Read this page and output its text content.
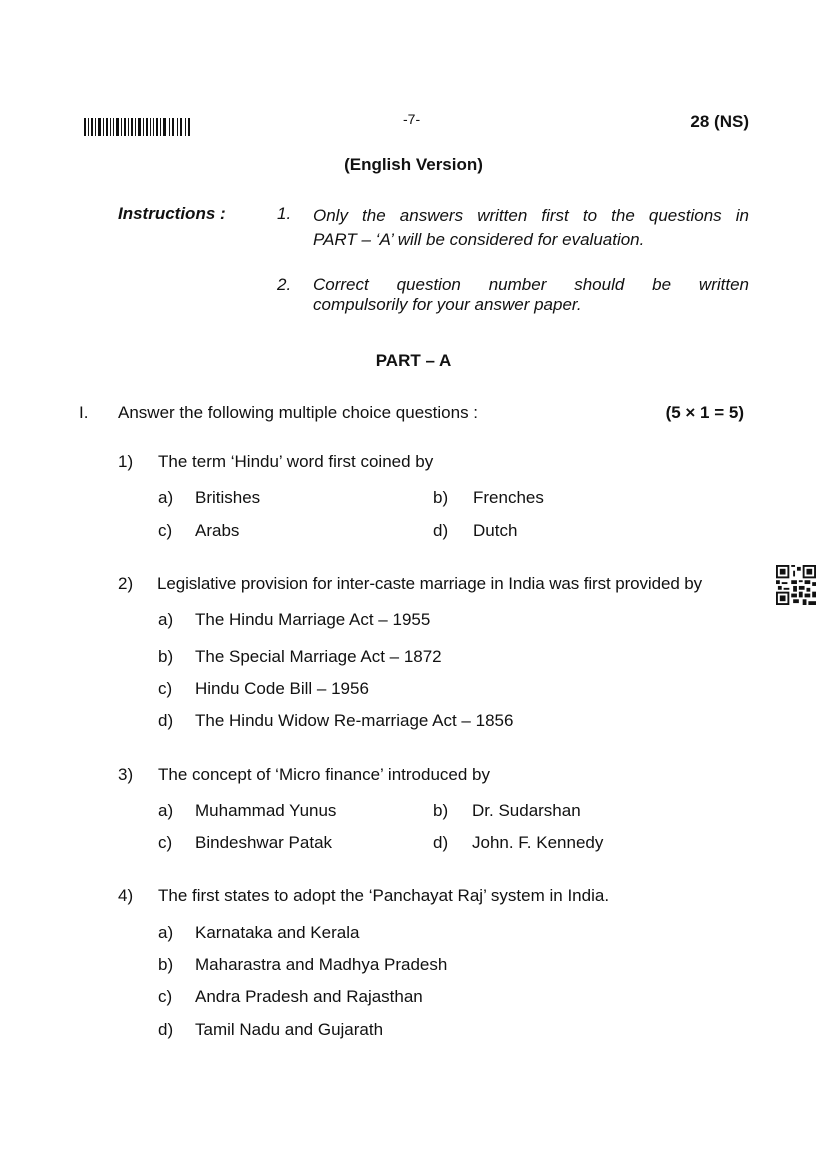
-7-	28 (NS)
(English Version)
Instructions :	1. Only the answers written first to the questions in
PART – ‘A’ will be considered for evaluation.
2. Correct question number should be written
compulsorily for your answer paper.
PART – A
I. Answer the following multiple choice questions :	(5 × 1 = 5)
1) The term ‘Hindu’ word first coined by
a) Britishes	b) Frenches
c) Arabs	d) Dutch
2) Legislative provision for inter-caste marriage in India was first provided by
a) The Hindu Marriage Act – 1955
b) The Special Marriage Act – 1872
c) Hindu Code Bill – 1956
d) The Hindu Widow Re-marriage Act – 1856
3) The concept of ‘Micro finance’ introduced by
a) Muhammad Yunus	b) Dr. Sudarshan
c) Bindeshwar Patak	d) John. F. Kennedy
4) The first states to adopt the ‘Panchayat Raj’ system in India.
a) Karnataka and Kerala
b) Maharastra and Madhya Pradesh
c) Andra Pradesh and Rajasthan
d) Tamil Nadu and Gujarath
